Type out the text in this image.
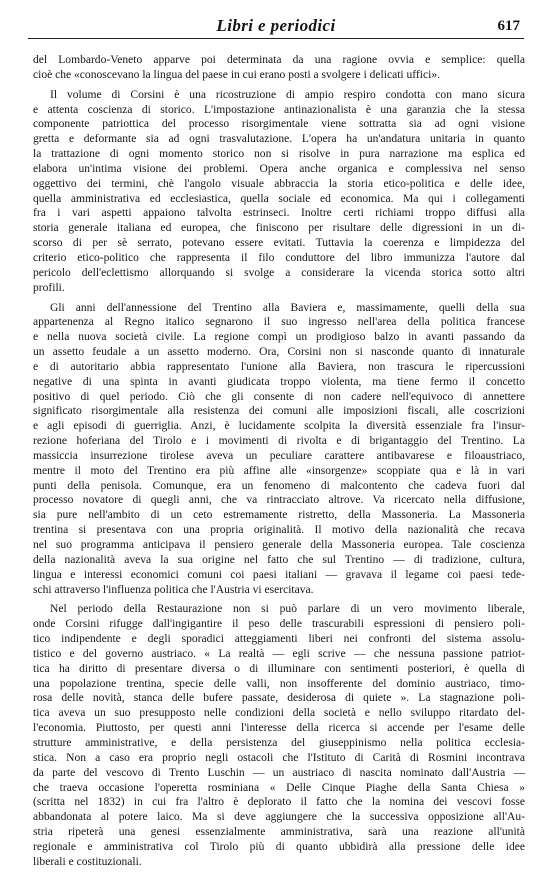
Libri e periodici	617
del Lombardo-Veneto apparve poi determinata da una ragione ovvia e semplice: quella
cioè che «conoscevano la lingua del paese in cui erano posti a svolgere i delicati uffici».
Il volume di Corsini è una ricostruzione di ampio respiro condotta con mano sicura
e attenta coscienza di storico. L'impostazione antinazionalista è una garanzia che la stessa
componente patriottica del processo risorgimentale viene sottratta sia ad ogni visione
gretta e deformante sia ad ogni trasvalutazione. L'opera ha un'andatura unitaria in quanto
la trattazione di ogni momento storico non si risolve in pura narrazione ma esplica ed
elabora un'intima visione dei problemi. Opera anche organica e complessiva nel senso
oggettivo dei termini, chè l'angolo visuale abbraccia la storia etico-politica e delle idee,
quella amministrativa ed ecclesiastica, quella sociale ed economica. Ma qui i collegamenti
fra i vari aspetti appaiono talvolta estrinseci. Inoltre certi richiami troppo diffusi alla
storia generale italiana ed europea, che finiscono per risultare delle digressioni in un di-
scorso di per sè serrato, potevano essere evitati. Tuttavia la coerenza e limpidezza del
criterio etico-politico che rappresenta il filo conduttore del libro immunizza l'autore dal
pericolo dell'eclettismo allorquando si svolge a considerare la vicenda storica sotto altri
profili.
Gli anni dell'annessione del Trentino alla Baviera e, massimamente, quelli della sua
appartenenza al Regno italico segnarono il suo ingresso nell'area della politica francese
e nella nuova società civile. La regione compì un prodigioso balzo in avanti passando da
un assetto feudale a un assetto moderno. Ora, Corsini non si nasconde quanto di innaturale
e di autoritario abbia rappresentato l'unione alla Baviera, non trascura le ripercussioni
negative di una spinta in avanti giudicata troppo violenta, ma tiene fermo il concetto
positivo di quel periodo. Ciò che gli consente di non cadere nell'equivoco di annettere
significato risorgimentale alla resistenza dei comuni alle imposizioni fiscali, alle coscrizioni
e agli episodi di guerriglia. Anzi, è lucidamente scolpita la diversità essenziale fra l'insur-
rezione hoferiana del Tirolo e i movimenti di rivolta e di brigantaggio del Trentino. La
massiccia insurrezione tirolese aveva un peculiare carattere antibavarese e filoaustriaco,
mentre il moto del Trentino era più affine alle «insorgenze» scoppiate qua e là in vari
punti della penisola. Comunque, era un fenomeno di malcontento che cadeva fuori dal
processo novatore di quegli anni, che va rintracciato altrove. Va ricercato nella diffusione,
sia pure nell'ambito di un ceto estremamente ristretto, della Massoneria. La Massoneria
trentina si presentava con una propria originalità. Il motivo della nazionalità che recava
nel suo programma anticipava il pensiero generale della Massoneria europea. Tale coscienza
della nazionalità aveva la sua origine nel fatto che sul Trentino — di tradizione, cultura,
lingua e interessi economici comuni coi paesi italiani — gravava il legame coi paesi tede-
schi attraverso l'influenza politica che l'Austria vi esercitava.
Nel periodo della Restaurazione non si può parlare di un vero movimento liberale,
onde Corsini rifugge dall'ingigantire il peso delle trascurabili espressioni di pensiero poli-
tico indipendente e degli sporadici atteggiamenti liberi nei confronti del sistema assolu-
tistico e del governo austriaco. « La realtà — egli scrive — che nessuna passione patriot-
tica ha diritto di presentare diversa o di illuminare con sentimenti posteriori, è quella di
una popolazione trentina, specie delle valli, non insofferente del dominio austriaco, timo-
rosa delle novità, stanca delle bufere passate, desiderosa di quiete ». La stagnazione poli-
tica aveva un suo presupposto nelle condizioni della società e nello sviluppo ritardato del-
l'economia. Piuttosto, per questi anni l'interesse della ricerca si accende per l'esame delle
strutture amministrative, e della persistenza del giuseppinismo nella politica ecclesia-
stica. Non a caso era proprio negli ostacoli che l'Istituto di Carità di Rosmini incontrava
da parte del vescovo di Trento Luschin — un austriaco di nascita nominato dall'Austria —
che traeva occasione l'operetta rosminiana « Delle Cinque Piaghe della Santa Chiesa »
(scritta nel 1832) in cui fra l'altro è deplorato il fatto che la nomina dei vescovi fosse
abbandonata al potere laico. Ma si deve aggiungere che la successiva opposizione all'Au-
stria ripeterà una genesi essenzialmente amministrativa, sarà una reazione all'unità
regionale e amministrativa col Tirolo più di quanto ubbidirà alla pressione delle idee
liberali e costituzionali.
